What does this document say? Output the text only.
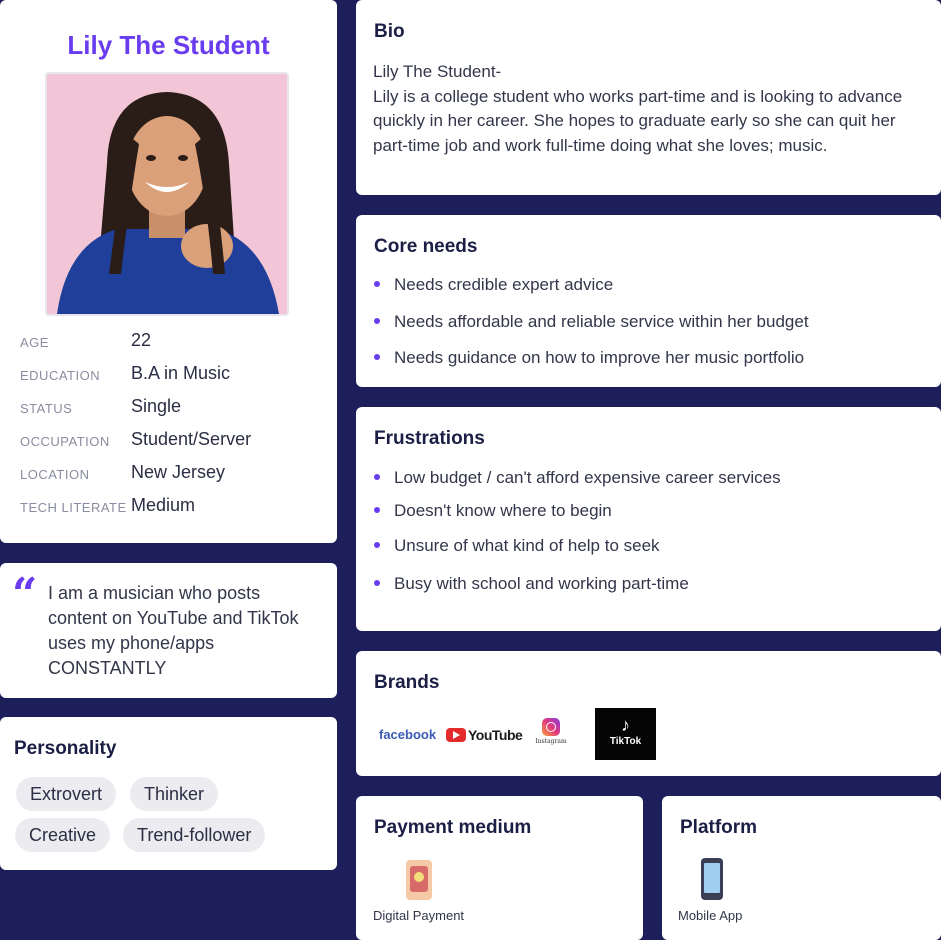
Lily The Student
AGE	22
EDUCATION B.A in Music
STATUS	Single
OCCUPATION Student/Server
LOCATION New Jersey
TECH LITERATE Medium
“ I am a musician who posts content on YouTube and TikTok uses my phone/apps CONSTANTLY
Personality
Extrovert	Thinker
Creative	Trend-follower
Bio
Lily The Student-
Lily is a college student who works part-time and is looking to advance quickly in her career. She hopes to graduate early so she can quit her part-time job and work full-time doing what she loves; music.
Core needs
Needs credible expert advice
Needs affordable and reliable service within her budget
Needs guidance on how to improve her music portfolio
Frustrations
Low budget / can't afford expensive career services
Doesn't know where to begin
Unsure of what kind of help to seek
Busy with school and working part-time
Brands
facebook YouTube Instagram
♪
TikTok
Payment medium
Digital Payment
Platform
Mobile App
